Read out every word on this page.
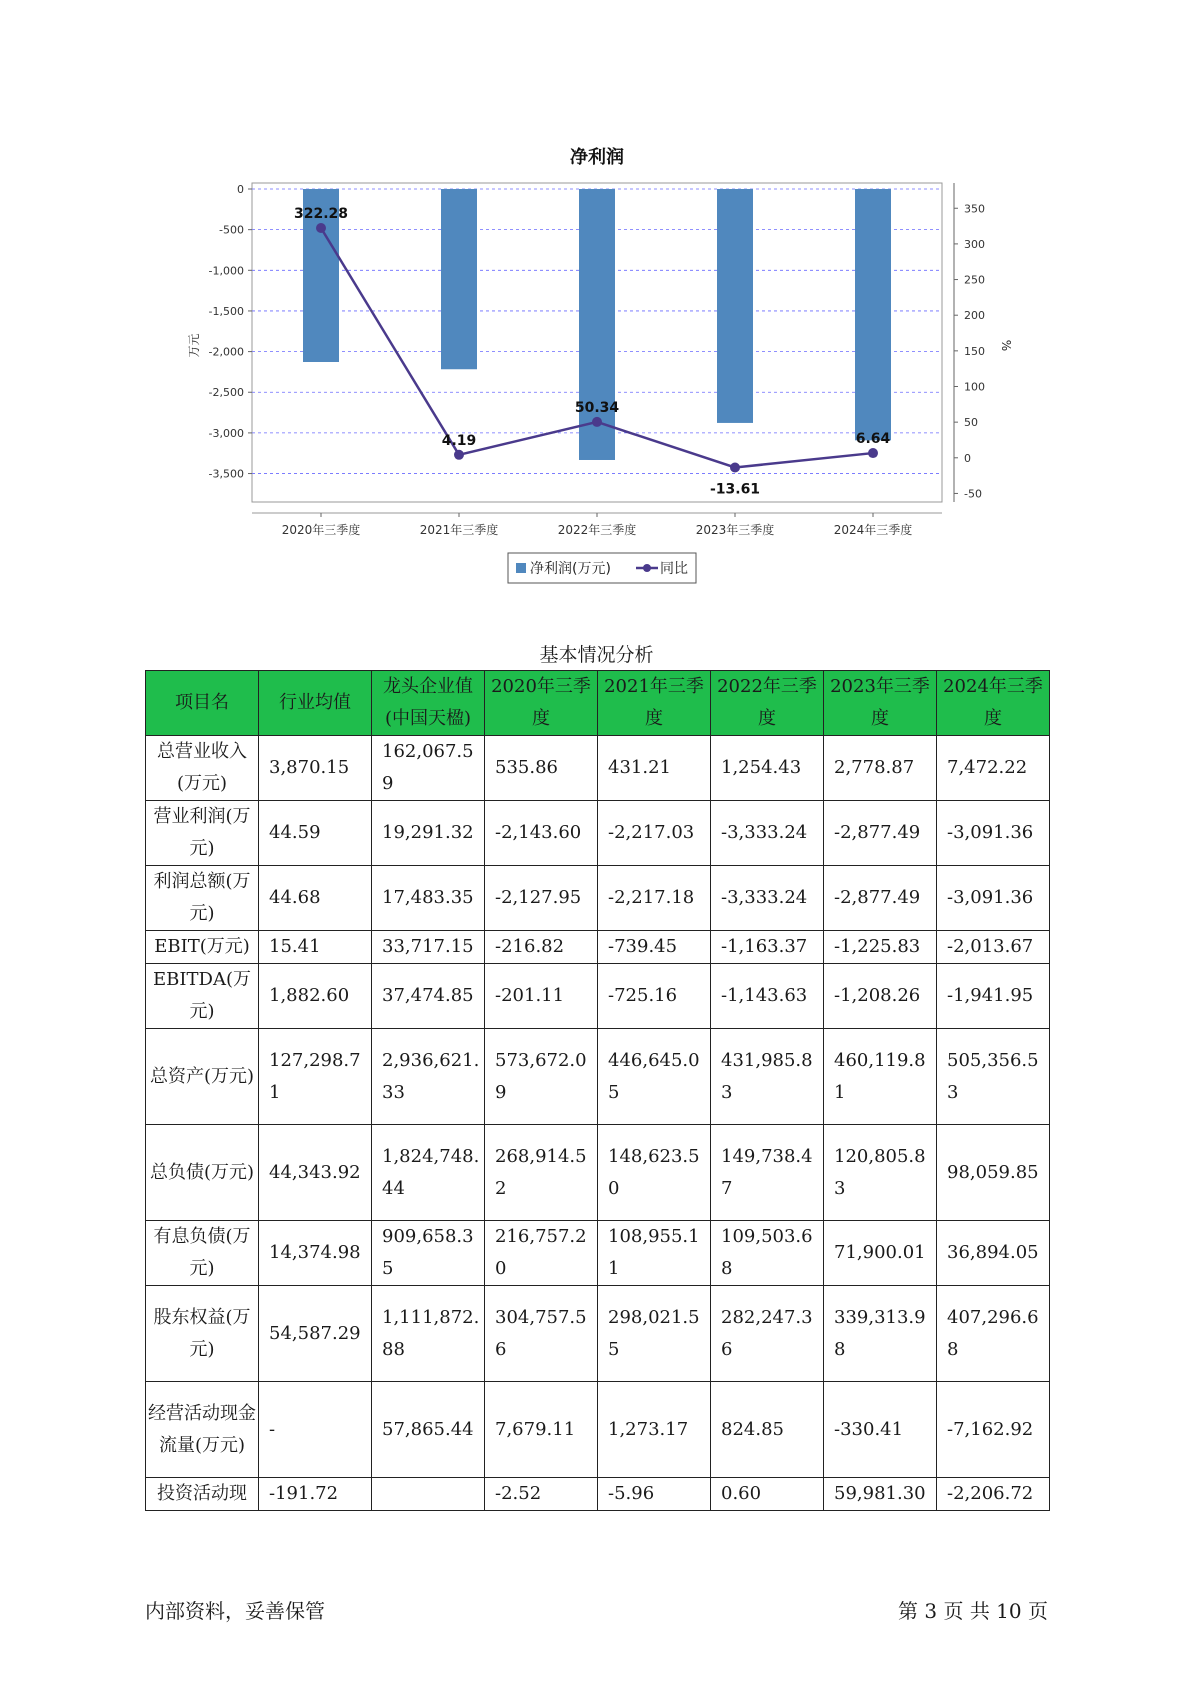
净利润
0
-500
-1,000
-1,500
-2,000
-2,500
-3,000
-3,500
350
300
250
200
150
100
50
0
-50
万元	%
2020年三季度	2021年三季度	2022年三季度	2023年三季度	2024年三季度
322.28
4.19
50.34
-13.61
6.64
净利润(万元)	同比
基本情况分析
项目名	行业均值	龙头企业值(中国天楹)	2020年三季度	2021年三季度	2022年三季度	2023年三季度	2024年三季度
总营业收入(万元)	3,870.15	162,067.59	535.86	431.21	1,254.43	2,778.87	7,472.22
营业利润(万元)	44.59	19,291.32	-2,143.60	-2,217.03	-3,333.24	-2,877.49	-3,091.36
利润总额(万元)	44.68	17,483.35	-2,127.95	-2,217.18	-3,333.24	-2,877.49	-3,091.36
EBIT(万元)	15.41	33,717.15	-216.82	-739.45	-1,163.37	-1,225.83	-2,013.67
EBITDA(万元)	1,882.60	37,474.85	-201.11	-725.16	-1,143.63	-1,208.26	-1,941.95
总资产(万元)	127,298.71	2,936,621.33	573,672.09	446,645.05	431,985.83	460,119.81	505,356.53
总负债(万元)	44,343.92	1,824,748.44	268,914.52	148,623.50	149,738.47	120,805.83	98,059.85
有息负债(万元)	14,374.98	909,658.35	216,757.20	108,955.11	109,503.68	71,900.01	36,894.05
股东权益(万元)	54,587.29	1,111,872.88	304,757.56	298,021.55	282,247.36	339,313.98	407,296.68
经营活动现金流量(万元)	-	57,865.44	7,679.11	1,273.17	824.85	-330.41	-7,162.92
投资活动现	-191.72		-2.52	-5.96	0.60	59,981.30	-2,206.72
内部资料，妥善保管	第 3 页 共 10 页
